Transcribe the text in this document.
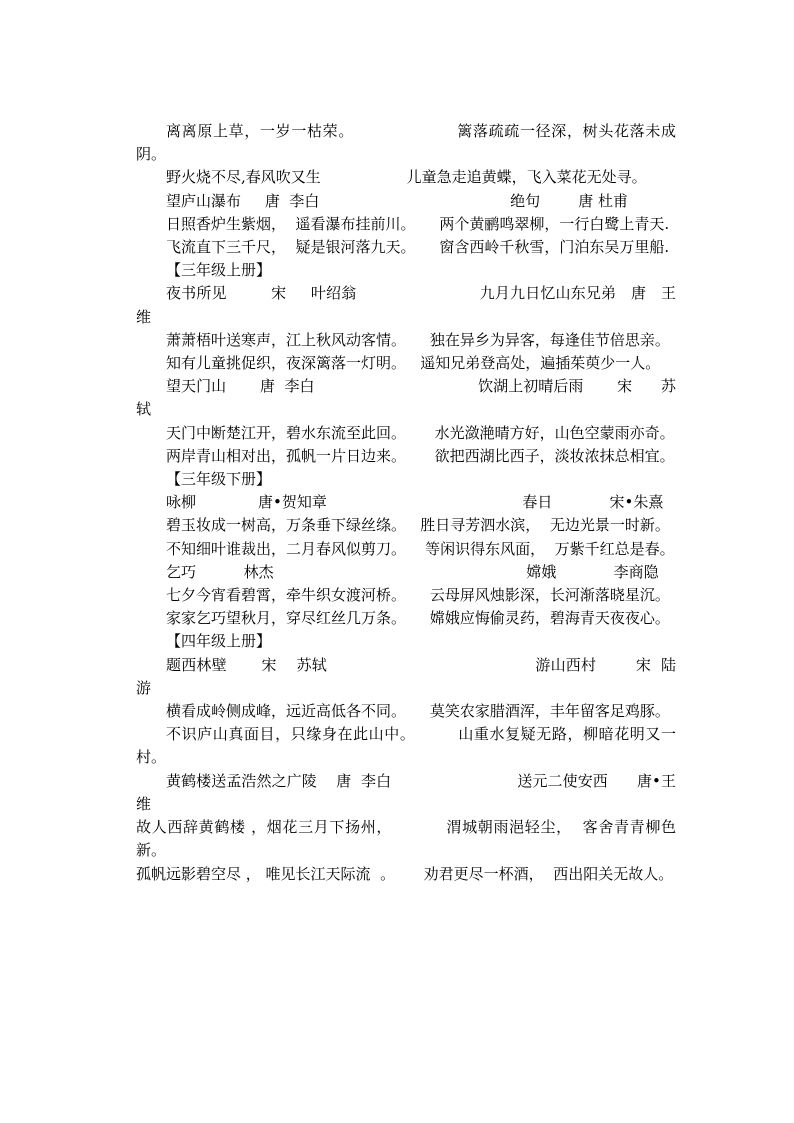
离离原上草，一岁一枯荣。                   篱落疏疏一径深，树头花落未成阴。

野火烧不尽,春风吹又生                  儿童急走追黄蝶，飞入菜花无处寻。

望庐山瀑布     唐  李白                                        绝句        唐 杜甫

日照香炉生紫烟，  遥看瀑布挂前川。     两个黄鹂鸣翠柳，一行白鹭上青天.

飞流直下三千尺，  疑是银河落九天。     窗含西岭千秋雪，门泊东吴万里船.

【三年级上册】

夜书所见         宋     叶绍翁                         九月九日忆山东兄弟   唐   王维

萧萧梧叶送寒声，江上秋风动客情。     独在异乡为异客，每逢佳节倍思亲。

知有儿童挑促织，夜深篱落一灯明。   遥知兄弟登高处，遍插茱萸少一人。

望天门山       唐  李白                                  饮湖上初晴后雨       宋      苏轼

天门中断楚江开，碧水东流至此回。      水光潋滟晴方好，山色空蒙雨亦奇。

两岸青山相对出，孤帆一片日边来。      欲把西湖比西子，淡妆浓抹总相宜。

【三年级下册】

咏柳             唐•贺知章                                         春日            宋•朱熹

碧玉妆成一树高，万条垂下绿丝绦。   胜日寻芳泗水滨，  无边光景一时新。

不知细叶谁裁出，二月春风似剪刀。    等闲识得东风面，  万紫千红总是春。

乞巧          林杰                                                     嫦娥            李商隐

七夕今宵看碧霄，牵牛织女渡河桥。     云母屏风烛影深，长河渐落晓星沉。

家家乞巧望秋月，穿尽红丝几万条。     嫦娥应悔偷灵药，碧海青天夜夜心。

【四年级上册】

题西林壁       宋    苏轼                                          游山西村        宋  陆游

横看成岭侧成峰，远近高低各不同。     莫笑农家腊酒浑，丰年留客足鸡豚。

不识庐山真面目，只缘身在此山中。        山重水复疑无路，柳暗花明又一村。

黄鹤楼送孟浩然之广陵    唐  李白                          送元二使安西      唐•王维

故人西辞黄鹤楼 ，烟花三月下扬州，          渭城朝雨浥轻尘，  客舍青青柳色新。

孤帆远影碧空尽 ， 唯见长江天际流  。      劝君更尽一杯酒，  西出阳关无故人。
